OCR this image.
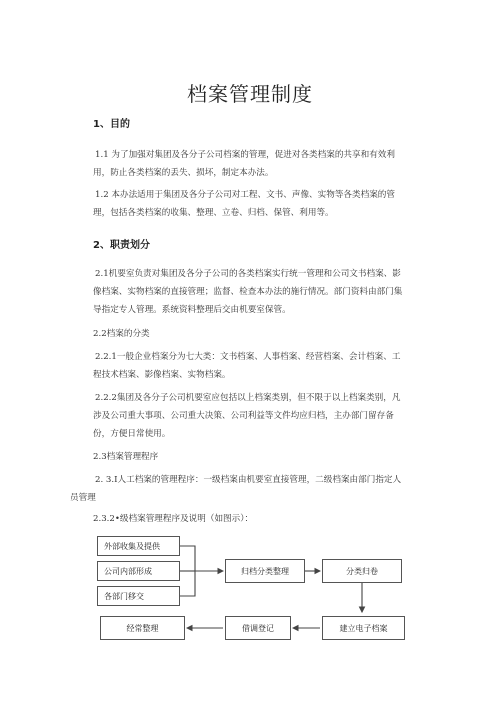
档案管理制度
1、目的
1.1 为了加强对集团及各分子公司档案的管理，促进对各类档案的共享和有效利
用，防止各类档案的丢失、损坏，制定本办法。
1.2 本办法适用于集团及各分子公司对工程、文书、声像、实物等各类档案的管
理，包括各类档案的收集、整理、立卷、归档、保管、利用等。
2、职责划分
2.1机要室负责对集团及各分子公司的各类档案实行统一管理和公司文书档案、影
像档案、实物档案的直接管理；监督、检查本办法的施行情况。部门资料由部门集
导指定专人管理。系统资料整理后交由机要室保管。
2.2档案的分类
2.2.1一般企业档案分为七大类：文书档案、人事档案、经营档案、会计档案、工
程技术档案、影像档案、实物档案。
2.2.2集团及各分子公司机要室应包括以上档案类别，但不限于以上档案类别，凡
涉及公司重大事项、公司重大决策、公司利益等文件均应归档，主办部门留存备
份，方便日常使用。
2.3档案管理程序
2. 3.I人工档案的管理程序：一级档案由机要室直接管理，二级档案由部门指定人
员管理
2.3.2•级档案管理程序及说明（如图示）：
外部收集及提供
公司内部形成
各部门移交
归档分类整理	分类归卷
建立电子档案
借调登记
经常整理
